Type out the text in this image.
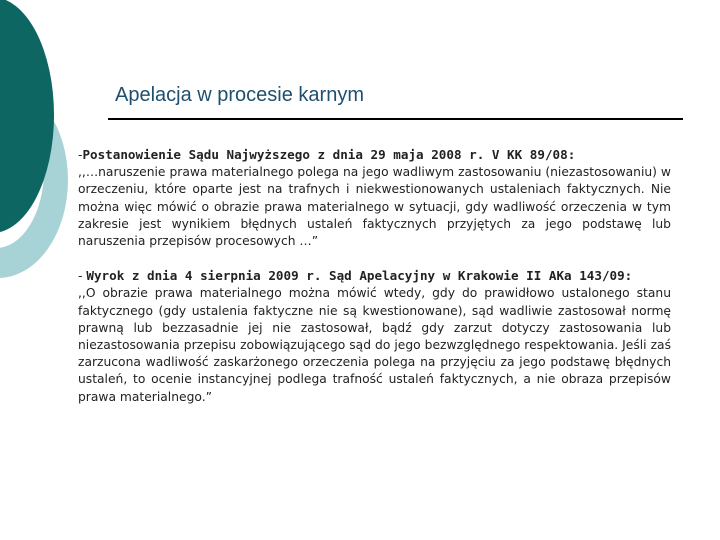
Apelacja w procesie karnym

-Postanowienie Sądu Najwyższego z dnia 29 maja 2008 r. V KK 89/08:
,,…naruszenie prawa materialnego polega na jego wadliwym zastosowaniu (niezastosowaniu) w orzeczeniu, które oparte jest na trafnych i niekwestionowanych ustaleniach faktycznych. Nie można więc mówić o obrazie prawa materialnego w sytuacji, gdy wadliwość orzeczenia w tym zakresie jest wynikiem błędnych ustaleń faktycznych przyjętych za jego podstawę lub naruszenia przepisów procesowych …”

- Wyrok z dnia 4 sierpnia 2009 r. Sąd Apelacyjny w Krakowie II AKa 143/09:
,,O obrazie prawa materialnego można mówić wtedy, gdy do prawidłowo ustalonego stanu faktycznego (gdy ustalenia faktyczne nie są kwestionowane), sąd wadliwie zastosował normę prawną lub bezzasadnie jej nie zastosował, bądź gdy zarzut dotyczy zastosowania lub niezastosowania przepisu zobowiązującego sąd do jego bezwzględnego respektowania. Jeśli zaś zarzucona wadliwość zaskarżonego orzeczenia polega na przyjęciu za jego podstawę błędnych ustaleń, to ocenie instancyjnej podlega trafność ustaleń faktycznych, a nie obraza przepisów prawa materialnego.”
